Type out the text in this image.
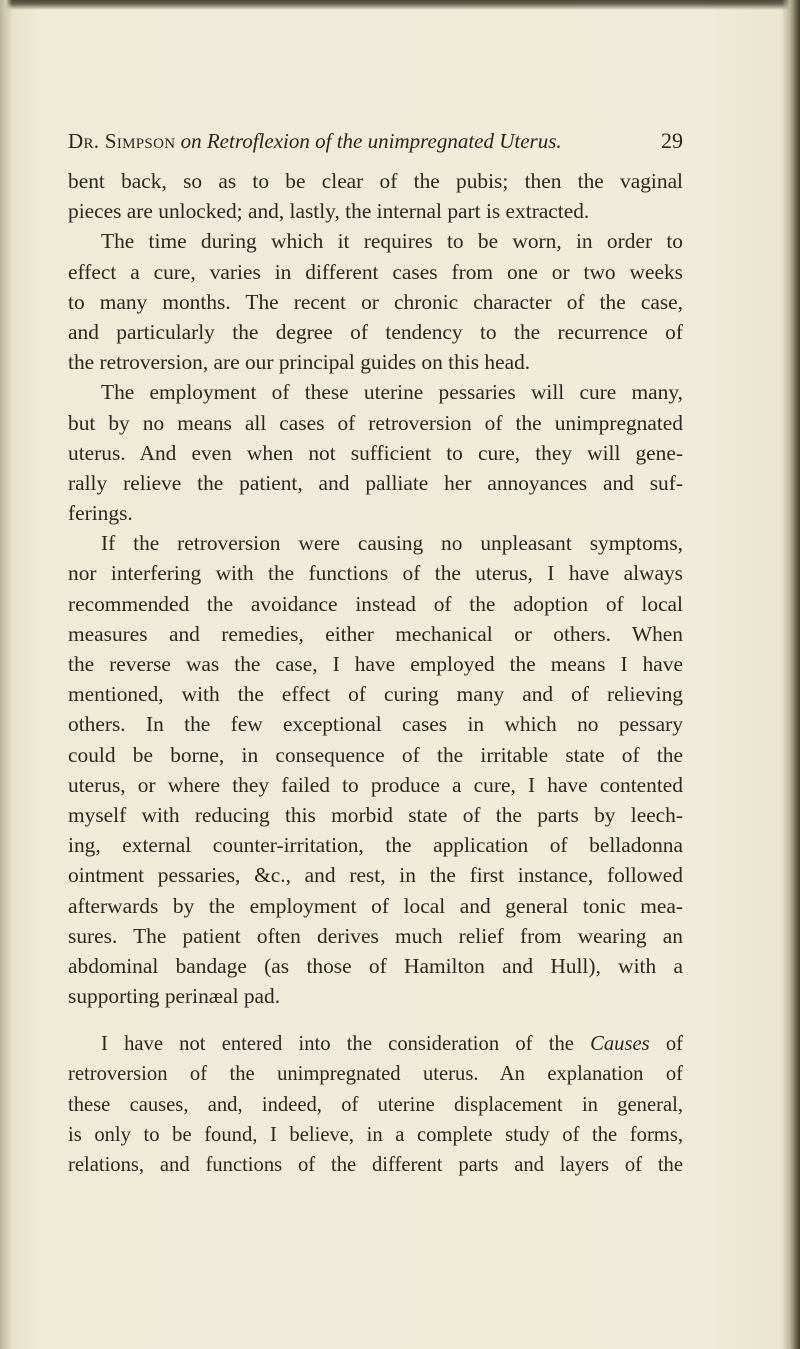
Dr. Simpson on Retroflexion of the unimpregnated Uterus.	29
bent back, so as to be clear of the pubis; then the vaginal
pieces are unlocked; and, lastly, the internal part is extracted.
The time during which it requires to be worn, in order to
effect a cure, varies in different cases from one or two weeks
to many months. The recent or chronic character of the case,
and particularly the degree of tendency to the recurrence of
the retroversion, are our principal guides on this head.
The employment of these uterine pessaries will cure many,
but by no means all cases of retroversion of the unimpregnated
uterus. And even when not sufficient to cure, they will gene-
rally relieve the patient, and palliate her annoyances and suf-
ferings.
If the retroversion were causing no unpleasant symptoms,
nor interfering with the functions of the uterus, I have always
recommended the avoidance instead of the adoption of local
measures and remedies, either mechanical or others. When
the reverse was the case, I have employed the means I have
mentioned, with the effect of curing many and of relieving
others. In the few exceptional cases in which no pessary
could be borne, in consequence of the irritable state of the
uterus, or where they failed to produce a cure, I have contented
myself with reducing this morbid state of the parts by leech-
ing, external counter-irritation, the application of belladonna
ointment pessaries, &c., and rest, in the first instance, followed
afterwards by the employment of local and general tonic mea-
sures. The patient often derives much relief from wearing an
abdominal bandage (as those of Hamilton and Hull), with a
supporting perinæal pad.
I have not entered into the consideration of the Causes of
retroversion of the unimpregnated uterus. An explanation of
these causes, and, indeed, of uterine displacement in general,
is only to be found, I believe, in a complete study of the forms,
relations, and functions of the different parts and layers of the
